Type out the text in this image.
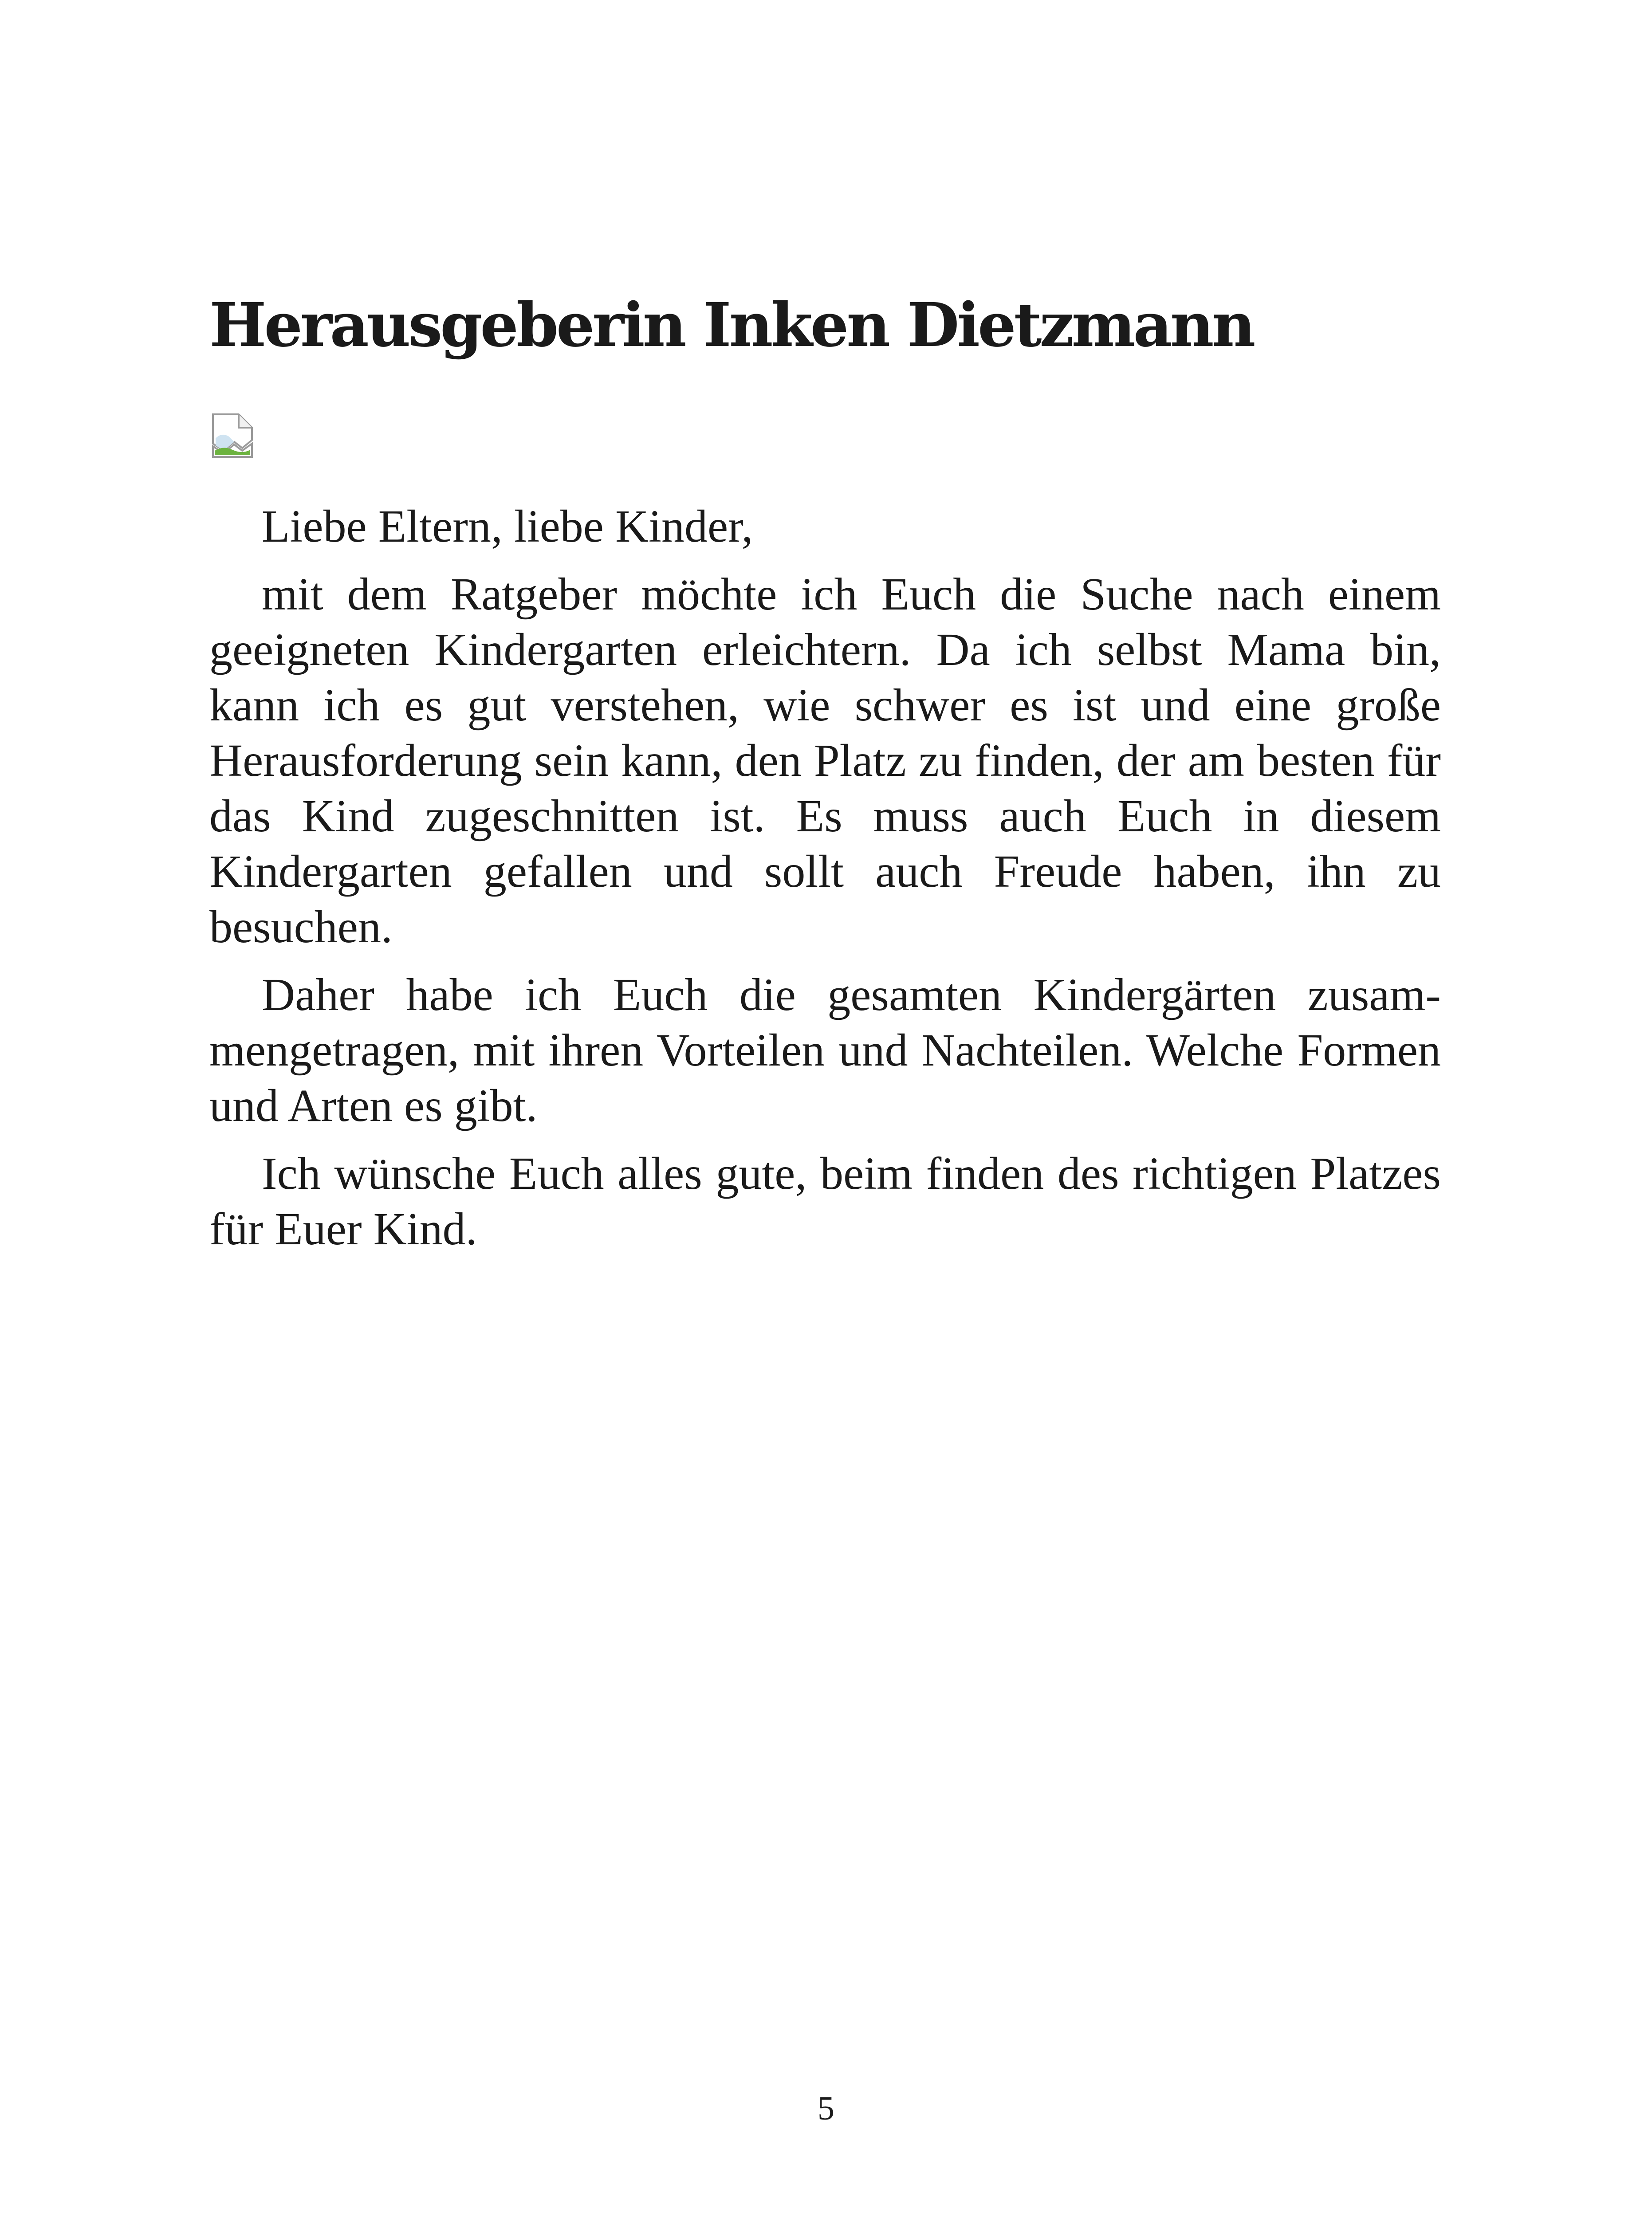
Herausgeberin Inken Dietzmann

Liebe Eltern, liebe Kinder,

mit dem Ratgeber möchte ich Euch die Suche nach einem geeigneten Kindergarten erleichtern. Da ich selbst Mama bin, kann ich es gut verstehen, wie schwer es ist und eine große Herausforderung sein kann, den Platz zu finden, der am besten für das Kind zugeschnitten ist. Es muss auch Euch in diesem Kindergarten gefallen und sollt auch Freude haben, ihn zu besuchen.

Daher habe ich Euch die gesamten Kindergärten zusammengetragen, mit ihren Vorteilen und Nachteilen. Welche Formen und Arten es gibt.

Ich wünsche Euch alles gute, beim finden des richtigen Platzes für Euer Kind.

5
